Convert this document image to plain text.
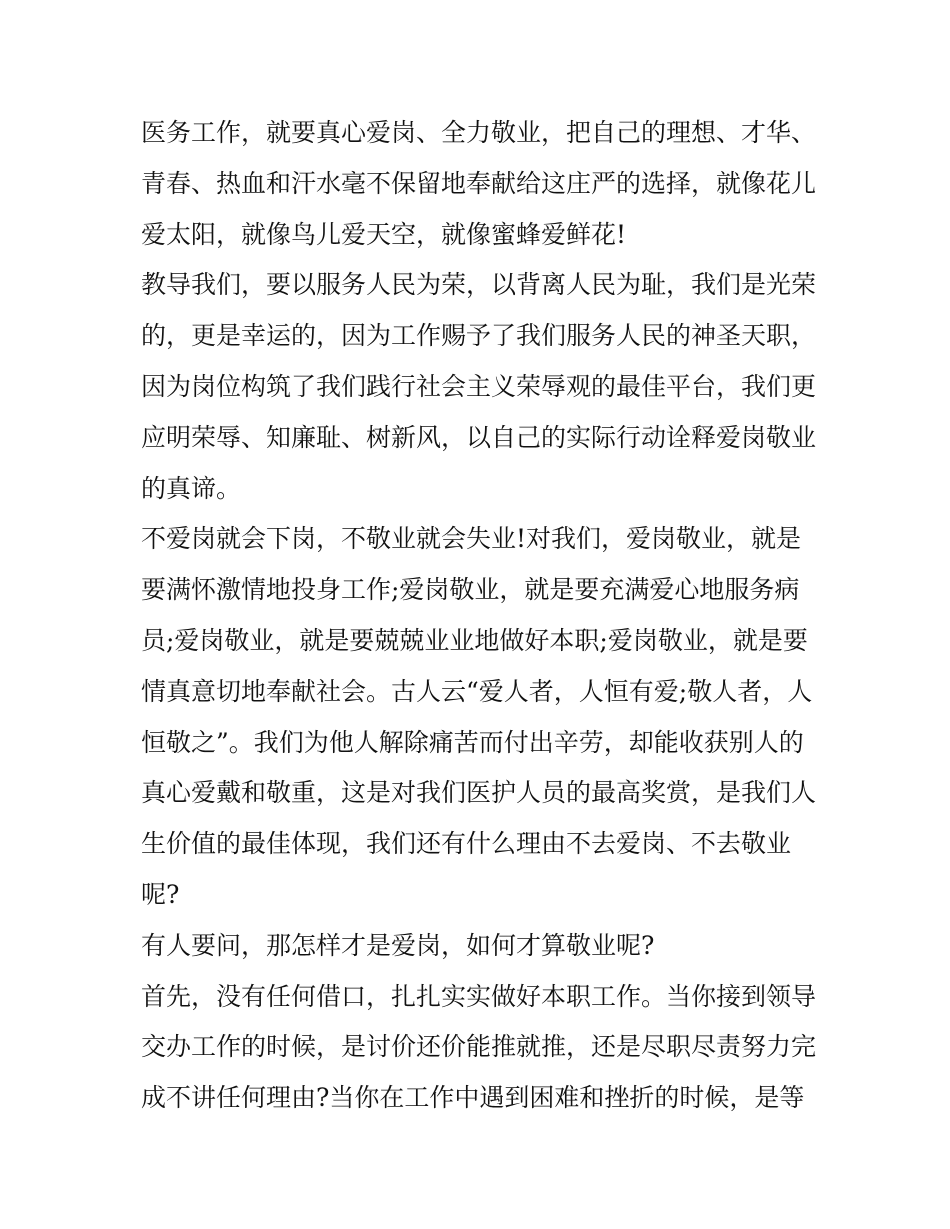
医务工作，就要真心爱岗、全力敬业，把自己的理想、才华、
青春、热血和汗水毫不保留地奉献给这庄严的选择，就像花儿
爱太阳，就像鸟儿爱天空，就像蜜蜂爱鲜花!
教导我们，要以服务人民为荣，以背离人民为耻，我们是光荣
的，更是幸运的，因为工作赐予了我们服务人民的神圣天职，
因为岗位构筑了我们践行社会主义荣辱观的最佳平台，我们更
应明荣辱、知廉耻、树新风，以自己的实际行动诠释爱岗敬业
的真谛。
不爱岗就会下岗，不敬业就会失业!对我们，爱岗敬业，就是
要满怀激情地投身工作;爱岗敬业，就是要充满爱心地服务病
员;爱岗敬业，就是要兢兢业业地做好本职;爱岗敬业，就是要
情真意切地奉献社会。古人云“爱人者，人恒有爱;敬人者，人
恒敬之”。我们为他人解除痛苦而付出辛劳，却能收获别人的
真心爱戴和敬重，这是对我们医护人员的最高奖赏，是我们人
生价值的最佳体现，我们还有什么理由不去爱岗、不去敬业
呢?
有人要问，那怎样才是爱岗，如何才算敬业呢?
首先，没有任何借口，扎扎实实做好本职工作。当你接到领导
交办工作的时候，是讨价还价能推就推，还是尽职尽责努力完
成不讲任何理由?当你在工作中遇到困难和挫折的时候，是等
